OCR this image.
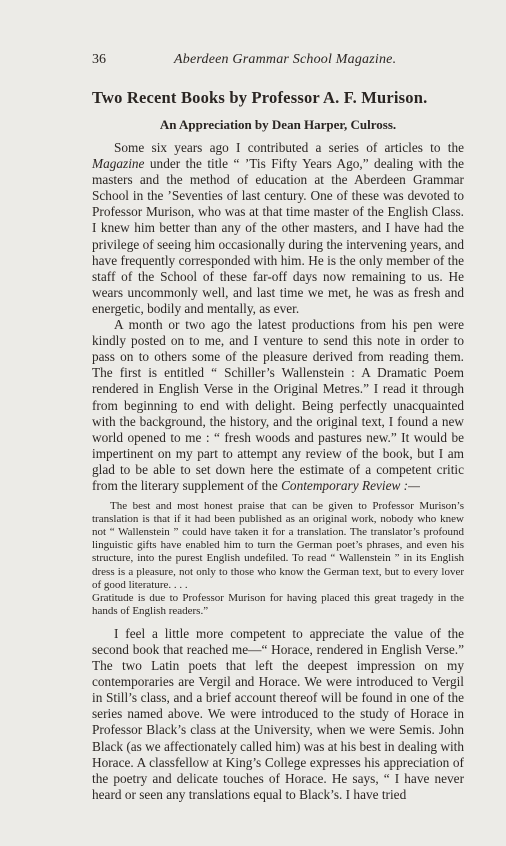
36	Aberdeen Grammar School Magazine.
Two Recent Books by Professor A. F. Murison.
An Appreciation by Dean Harper, Culross.

Some six years ago I contributed a series of articles to the Magazine under the title “ ’Tis Fifty Years Ago,” dealing with the masters and the method of education at the Aberdeen Grammar School in the ’Seventies of last century. One of these was devoted to Professor Murison, who was at that time master of the English Class. I knew him better than any of the other masters, and I have had the privilege of seeing him occasionally during the intervening years, and have frequently corresponded with him. He is the only member of the staff of the School of these far-off days now remaining to us. He wears uncommonly well, and last time we met, he was as fresh and energetic, bodily and mentally, as ever.

A month or two ago the latest productions from his pen were kindly posted on to me, and I venture to send this note in order to pass on to others some of the pleasure derived from reading them. The first is entitled “ Schiller’s Wallenstein : A Dramatic Poem rendered in English Verse in the Original Metres.” I read it through from beginning to end with delight. Being perfectly unacquainted with the background, the history, and the original text, I found a new world opened to me : “ fresh woods and pastures new.” It would be impertinent on my part to attempt any review of the book, but I am glad to be able to set down here the estimate of a competent critic from the literary supplement of the Contemporary Review :—

The best and most honest praise that can be given to Professor Murison’s translation is that if it had been published as an original work, nobody who knew not “ Wallenstein ” could have taken it for a translation. The translator’s profound linguistic gifts have enabled him to turn the German poet’s phrases, and even his structure, into the purest English undefiled. To read “ Wallenstein ” in its English dress is a pleasure, not only to those who know the German text, but to every lover of good literature. . . .
Gratitude is due to Professor Murison for having placed this great tragedy in the hands of English readers.”

I feel a little more competent to appreciate the value of the second book that reached me—“ Horace, rendered in English Verse.” The two Latin poets that left the deepest impression on my contemporaries are Vergil and Horace. We were introduced to Vergil in Still’s class, and a brief account thereof will be found in one of the series named above. We were introduced to the study of Horace in Professor Black’s class at the University, when we were Semis. John Black (as we affectionately called him) was at his best in dealing with Horace. A classfellow at King’s College expresses his appreciation of the poetry and delicate touches of Horace. He says, “ I have never heard or seen any translations equal to Black’s. I have tried
